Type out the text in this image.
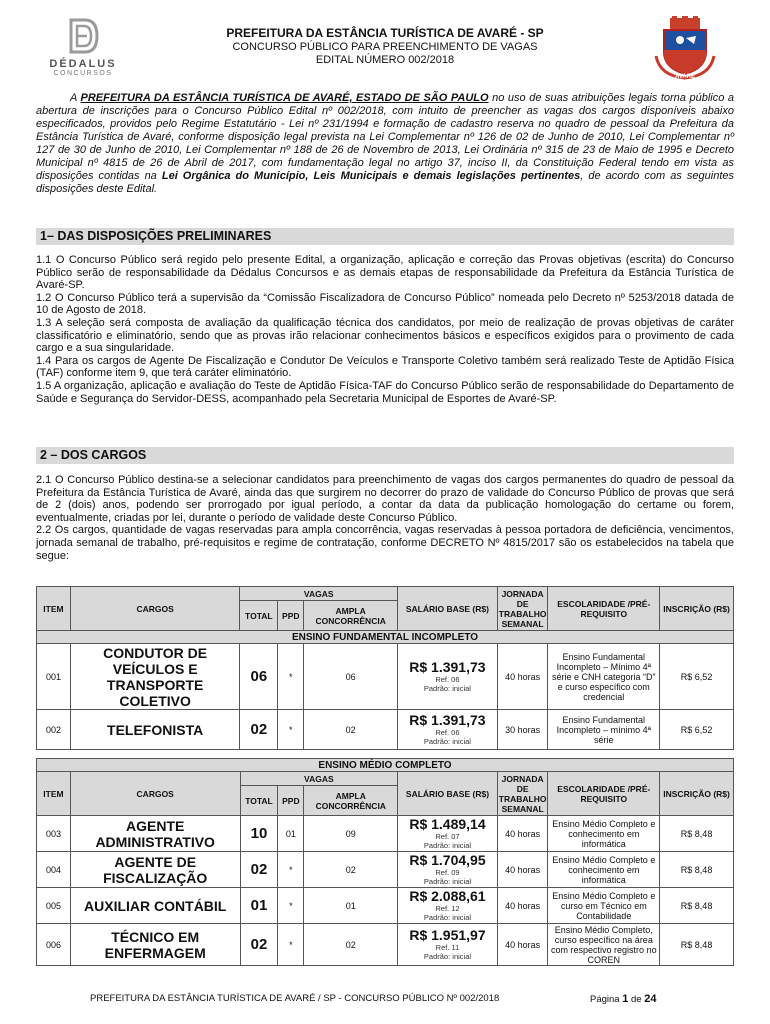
DÉDALUS
CONCURSOS
PREFEITURA DA ESTÂNCIA TURÍSTICA DE AVARÉ - SP
CONCURSO PÚBLICO PARA PREENCHIMENTO DE VAGAS
EDITAL NÚMERO 002/2018
AVARÉ
A PREFEITURA DA ESTÂNCIA TURÍSTICA DE AVARÉ, ESTADO DE SÃO PAULO no uso de suas atribuições legais torna público a abertura de inscrições para o Concurso Público Edital nº 002/2018, com intuito de preencher as vagas dos cargos disponíveis abaixo especificados, providos pelo Regime Estatutário - Lei nº 231/1994 e formação de cadastro reserva no quadro de pessoal da Prefeitura da Estância Turística de Avaré, conforme disposição legal prevista na Lei Complementar nº 126 de 02 de Junho de 2010, Lei Complementar nº 127 de 30 de Junho de 2010, Lei Complementar nº 188 de 26 de Novembro de 2013, Lei Ordinária nº 315 de 23 de Maio de 1995 e Decreto Municipal nº 4815 de 26 de Abril de 2017, com fundamentação legal no artigo 37, inciso II, da Constituição Federal tendo em vista as disposições contidas na Lei Orgânica do Município, Leis Municipais e demais legislações pertinentes, de acordo com as seguintes disposições deste Edital.
1– DAS DISPOSIÇÕES PRELIMINARES

1.1 O Concurso Público será regido pelo presente Edital, a organização, aplicação e correção das Provas objetivas (escrita) do Concurso Público serão de responsabilidade da Dédalus Concursos e as demais etapas de responsabilidade da Prefeitura da Estância Turística de Avaré-SP.

1.2 O Concurso Público terá a supervisão da “Comissão Fiscalizadora de Concurso Público” nomeada pelo Decreto nº 5253/2018 datada de 10 de Agosto de 2018.

1.3 A seleção será composta de avaliação da qualificação técnica dos candidatos, por meio de realização de provas objetivas de caráter classificatório e eliminatório, sendo que as provas irão relacionar conhecimentos básicos e específicos exigidos para o provimento de cada cargo e a sua singularidade.

1.4 Para os cargos de Agente De Fiscalização e Condutor De Veículos e Transporte Coletivo também será realizado Teste de Aptidão Física (TAF) conforme item 9, que terá caráter eliminatório.

1.5 A organização, aplicação e avaliação do Teste de Aptidão Física-TAF do Concurso Público serão de responsabilidade do Departamento de Saúde e Segurança do Servidor-DESS, acompanhado pela Secretaria Municipal de Esportes de Avaré-SP.

2 – DOS CARGOS

2.1 O Concurso Público destina-se a selecionar candidatos para preenchimento de vagas dos cargos permanentes do quadro de pessoal da Prefeitura da Estância Turística de Avaré, ainda das que surgirem no decorrer do prazo de validade do Concurso Público de provas que será de 2 (dois) anos, podendo ser prorrogado por igual período, a contar da data da publicação homologação do certame ou forem, eventualmente, criadas por lei, durante o período de validade deste Concurso Público.

2.2 Os cargos, quantidade de vagas reservadas para ampla concorrência, vagas reservadas à pessoa portadora de deficiência, vencimentos, jornada semanal de trabalho, pré-requisitos e regime de contratação, conforme DECRETO Nº 4815/2017 são os estabelecidos na tabela que segue:

ITEM	CARGOS	VAGAS			SALÁRIO BASE (R$)	JORNADA DE TRABALHO SEMANAL	ESCOLARIDADE /PRÉ-REQUISITO	INSCRIÇÃO (R$)
		TOTAL	PPD	AMPLA CONCORRÊNCIA				
ENSINO FUNDAMENTAL INCOMPLETO								
001	CONDUTOR DE VEÍCULOS E TRANSPORTE COLETIVO	06	*	06	R$ 1.391,73
Ref. 06
Padrão: inicial	40 horas	Ensino Fundamental Incompleto – Mínimo 4ª série e CNH categoria “D” e curso específico com credencial	R$ 6,52
002	TELEFONISTA	02	*	02	R$ 1.391,73
Ref. 06
Padrão: inicial	30 horas	Ensino Fundamental Incompleto – mínimo 4ª série	R$ 6,52
ENSINO MÉDIO COMPLETO								
ITEM	CARGOS	VAGAS			SALÁRIO BASE (R$)	JORNADA DE TRABALHO SEMANAL	ESCOLARIDADE /PRÉ-REQUISITO	INSCRIÇÃO (R$)
		TOTAL	PPD	AMPLA CONCORRÊNCIA				
003	AGENTE ADMINISTRATIVO	10	01	09	R$ 1.489,14
Ref. 07
Padrão: inicial	40 horas	Ensino Médio Completo e conhecimento em informática	R$ 8,48
004	AGENTE DE FISCALIZAÇÃO	02	*	02	R$ 1.704,95
Ref. 09
Padrão: inicial	40 horas	Ensino Médio Completo e conhecimento em informática	R$ 8,48
005	AUXILIAR CONTÁBIL	01	*	01	R$ 2.088,61
Ref. 12
Padrão: inicial	40 horas	Ensino Médio Completo e curso em Técnico em Contabilidade	R$ 8,48
006	TÉCNICO EM ENFERMAGEM	02	*	02	R$ 1.951,97
Ref. 11
Padrão: inicial	40 horas	Ensino Médio Completo, curso específico na área com respectivo registro no COREN	R$ 8,48
PREFEITURA DA ESTÂNCIA TURÍSTICA DE AVARÉ / SP - CONCURSO PÚBLICO Nº 002/2018	Página 1 de 24
